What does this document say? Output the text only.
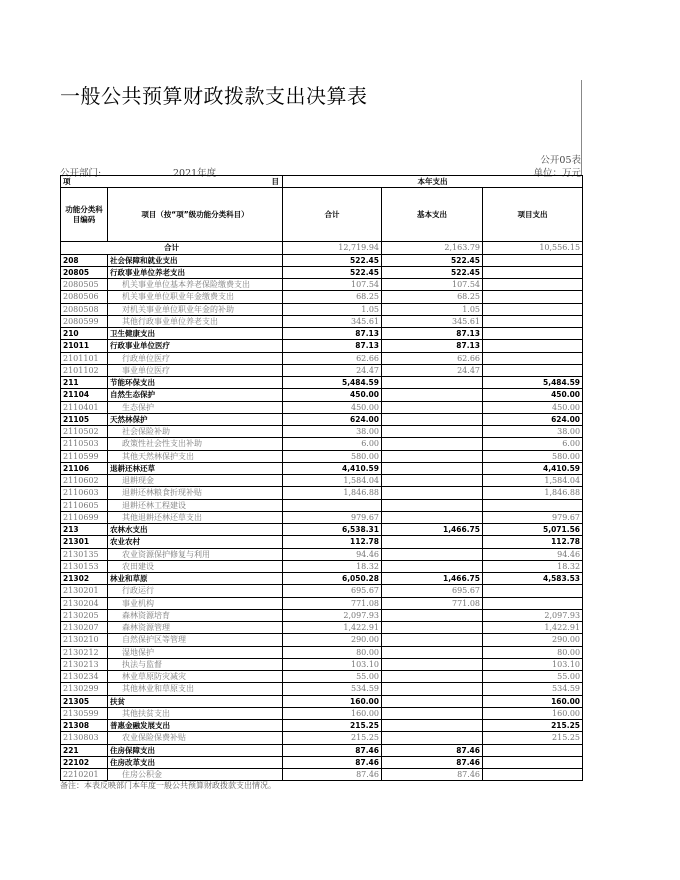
一般公共预算财政拨款支出决算表
公开05表
公开部门:	2021年度	单位：万元
项 目		本年支出		
功能分类科目编码	项目（按“项”级功能分类科目）	合计	基本支出	项目支出
合计		12,719.94	2,163.79	10,556.15
208	社会保障和就业支出	522.45	522.45	
20805	行政事业单位养老支出	522.45	522.45	
2080505	机关事业单位基本养老保险缴费支出	107.54	107.54	
2080506	机关事业单位职业年金缴费支出	68.25	68.25	
2080508	对机关事业单位职业年金的补助	1.05	1.05	
2080599	其他行政事业单位养老支出	345.61	345.61	
210	卫生健康支出	87.13	87.13	
21011	行政事业单位医疗	87.13	87.13	
2101101	行政单位医疗	62.66	62.66	
2101102	事业单位医疗	24.47	24.47	
211	节能环保支出	5,484.59		5,484.59
21104	自然生态保护	450.00		450.00
2110401	生态保护	450.00		450.00
21105	天然林保护	624.00		624.00
2110502	社会保险补助	38.00		38.00
2110503	政策性社会性支出补助	6.00		6.00
2110599	其他天然林保护支出	580.00		580.00
21106	退耕还林还草	4,410.59		4,410.59
2110602	退耕现金	1,584.04		1,584.04
2110603	退耕还林粮食折现补贴	1,846.88		1,846.88
2110605	退耕还林工程建设			
2110699	其他退耕还林还草支出	979.67		979.67
213	农林水支出	6,538.31	1,466.75	5,071.56
21301	农业农村	112.78		112.78
2130135	农业资源保护修复与利用	94.46		94.46
2130153	农田建设	18.32		18.32
21302	林业和草原	6,050.28	1,466.75	4,583.53
2130201	行政运行	695.67	695.67	
2130204	事业机构	771.08	771.08	
2130205	森林资源培育	2,097.93		2,097.93
2130207	森林资源管理	1,422.91		1,422.91
2130210	自然保护区等管理	290.00		290.00
2130212	湿地保护	80.00		80.00
2130213	执法与监督	103.10		103.10
2130234	林业草原防灾减灾	55.00		55.00
2130299	其他林业和草原支出	534.59		534.59
21305	扶贫	160.00		160.00
2130599	其他扶贫支出	160.00		160.00
21308	普惠金融发展支出	215.25		215.25
2130803	农业保险保费补贴	215.25		215.25
221	住房保障支出	87.46	87.46	
22102	住房改革支出	87.46	87.46	
2210201	住房公积金	87.46	87.46	
备注：本表反映部门本年度一般公共预算财政拨款支出情况。
